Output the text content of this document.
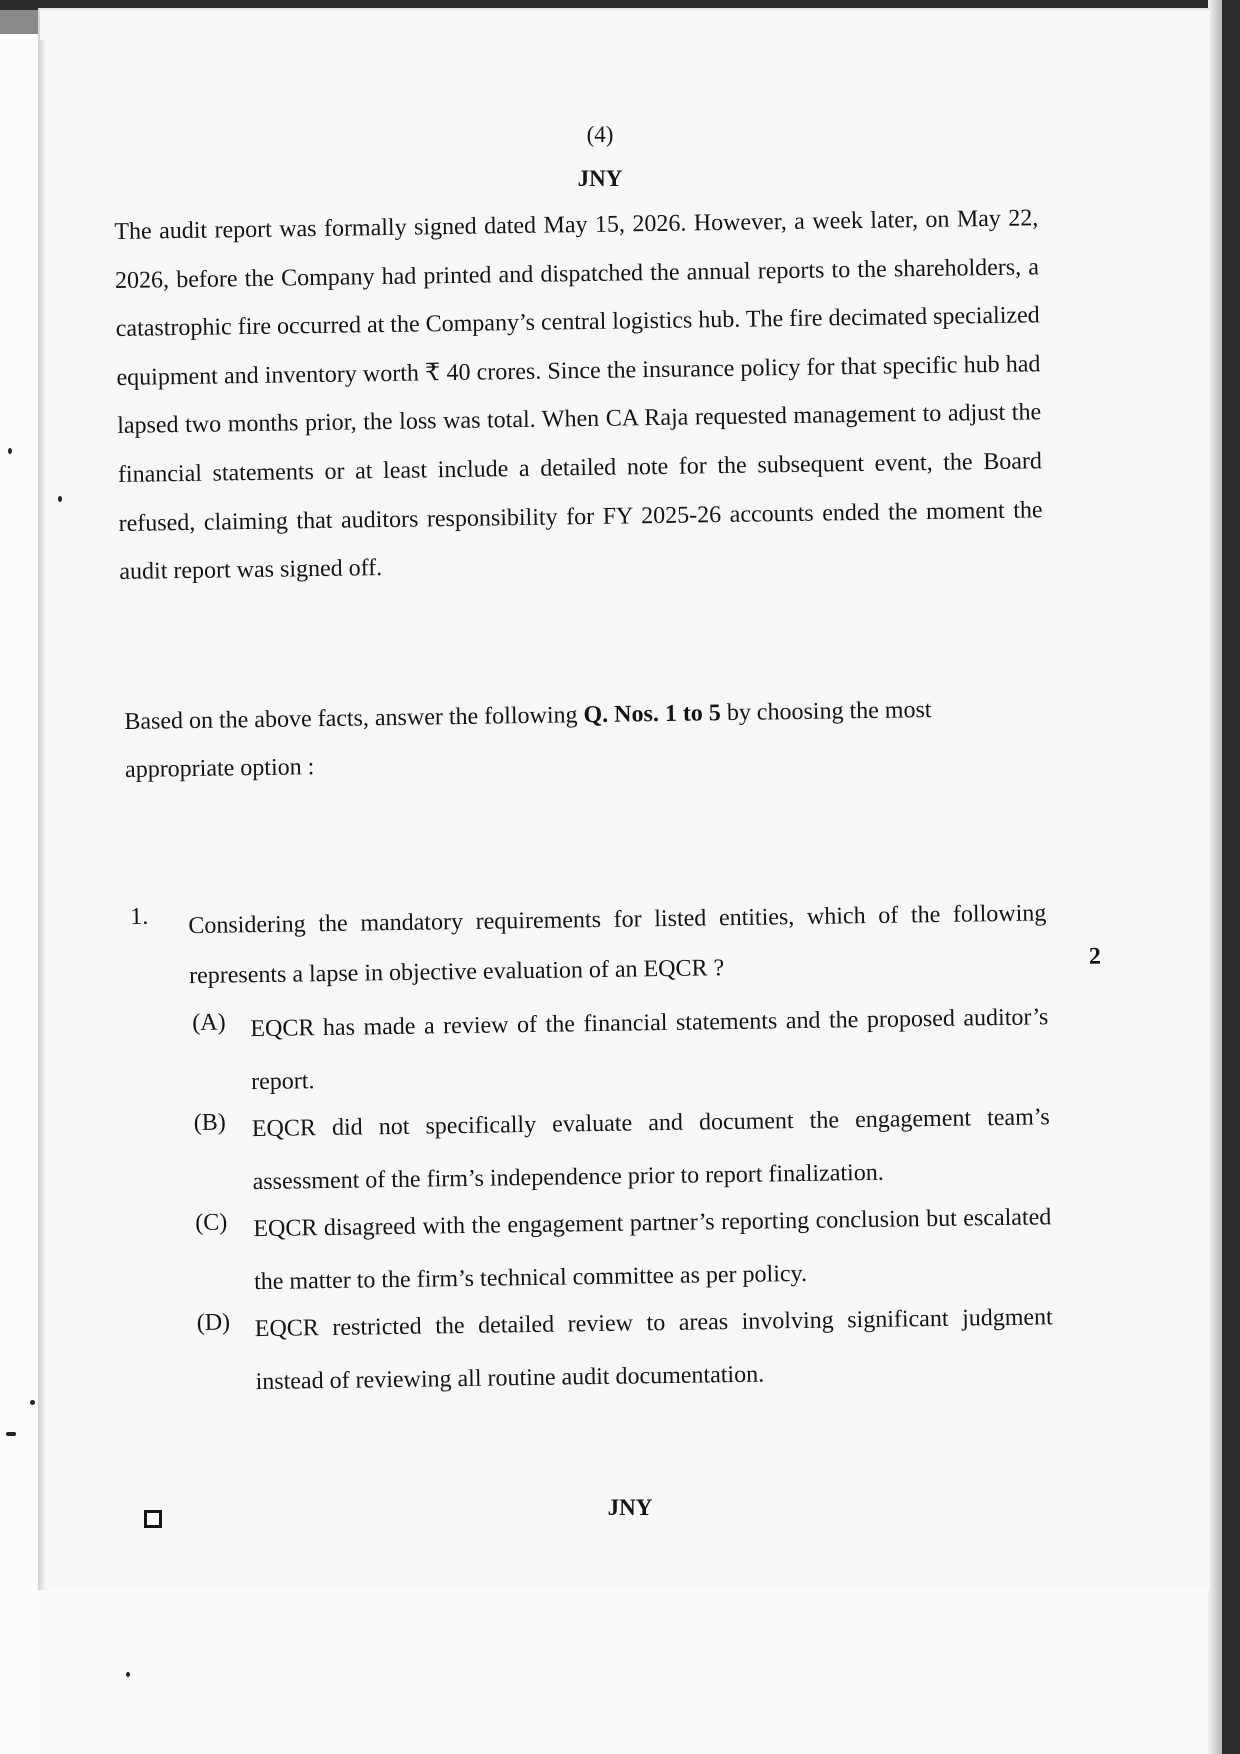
(4)
JNY

The audit report was formally signed dated May 15, 2026. However, a week later, on May 22, 2026, before the Company had printed and dispatched the annual reports to the shareholders, a catastrophic fire occurred at the Company’s central logistics hub. The fire decimated specialized equipment and inventory worth ₹ 40 crores. Since the insurance policy for that specific hub had lapsed two months prior, the loss was total. When CA Raja requested management to adjust the financial statements or at least include a detailed note for the subsequent event, the Board refused, claiming that auditors responsibility for FY 2025-26 accounts ended the moment the audit report was signed off.

Based on the above facts, answer the following Q. Nos. 1 to 5 by choosing the most appropriate option :
1. Considering the mandatory requirements for listed entities, which of the following represents a lapse in objective evaluation of an EQCR ?	2
(A) EQCR has made a review of the financial statements and the proposed auditor’s report.
(B) EQCR did not specifically evaluate and document the engagement team’s assessment of the firm’s independence prior to report finalization.
(C) EQCR disagreed with the engagement partner’s reporting conclusion but escalated the matter to the firm’s technical committee as per policy.
(D) EQCR restricted the detailed review to areas involving significant judgment instead of reviewing all routine audit documentation.
JNY
